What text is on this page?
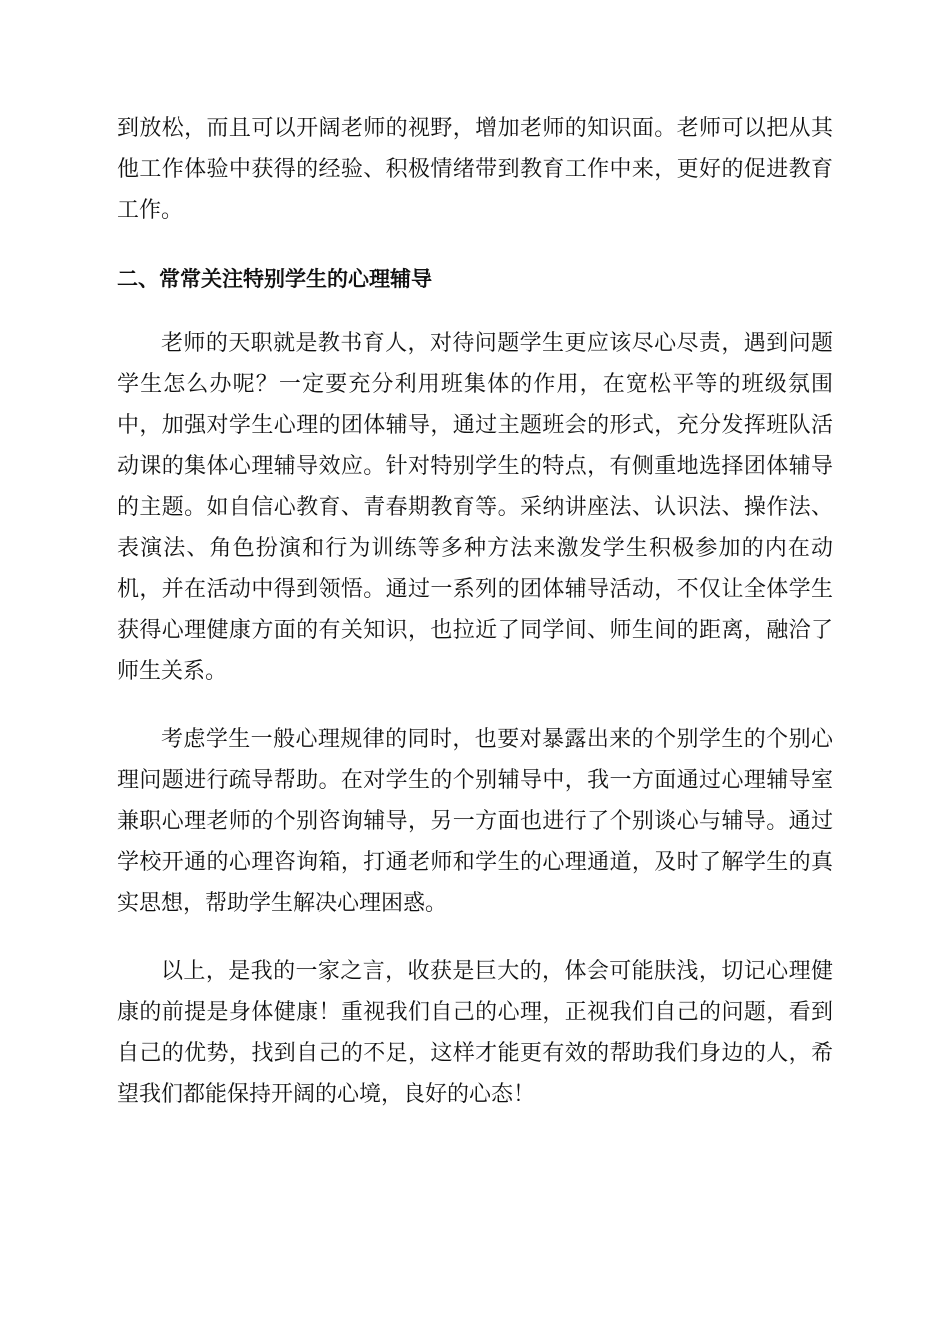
到放松，而且可以开阔老师的视野，增加老师的知识面。老师可以把从其他工作体验中获得的经验、积极情绪带到教育工作中来，更好的促进教育工作。

二、常常关注特别学生的心理辅导

老师的天职就是教书育人，对待问题学生更应该尽心尽责，遇到问题学生怎么办呢？一定要充分利用班集体的作用，在宽松平等的班级氛围中，加强对学生心理的团体辅导，通过主题班会的形式，充分发挥班队活动课的集体心理辅导效应。针对特别学生的特点，有侧重地选择团体辅导的主题。如自信心教育、青春期教育等。采纳讲座法、认识法、操作法、表演法、角色扮演和行为训练等多种方法来激发学生积极参加的内在动机，并在活动中得到领悟。通过一系列的团体辅导活动，不仅让全体学生获得心理健康方面的有关知识，也拉近了同学间、师生间的距离，融洽了师生关系。

考虑学生一般心理规律的同时，也要对暴露出来的个别学生的个别心理问题进行疏导帮助。在对学生的个别辅导中，我一方面通过心理辅导室兼职心理老师的个别咨询辅导，另一方面也进行了个别谈心与辅导。通过学校开通的心理咨询箱，打通老师和学生的心理通道，及时了解学生的真实思想，帮助学生解决心理困惑。

以上，是我的一家之言，收获是巨大的，体会可能肤浅，切记心理健康的前提是身体健康！重视我们自己的心理，正视我们自己的问题，看到自己的优势，找到自己的不足，这样才能更有效的帮助我们身边的人，希望我们都能保持开阔的心境，良好的心态！
